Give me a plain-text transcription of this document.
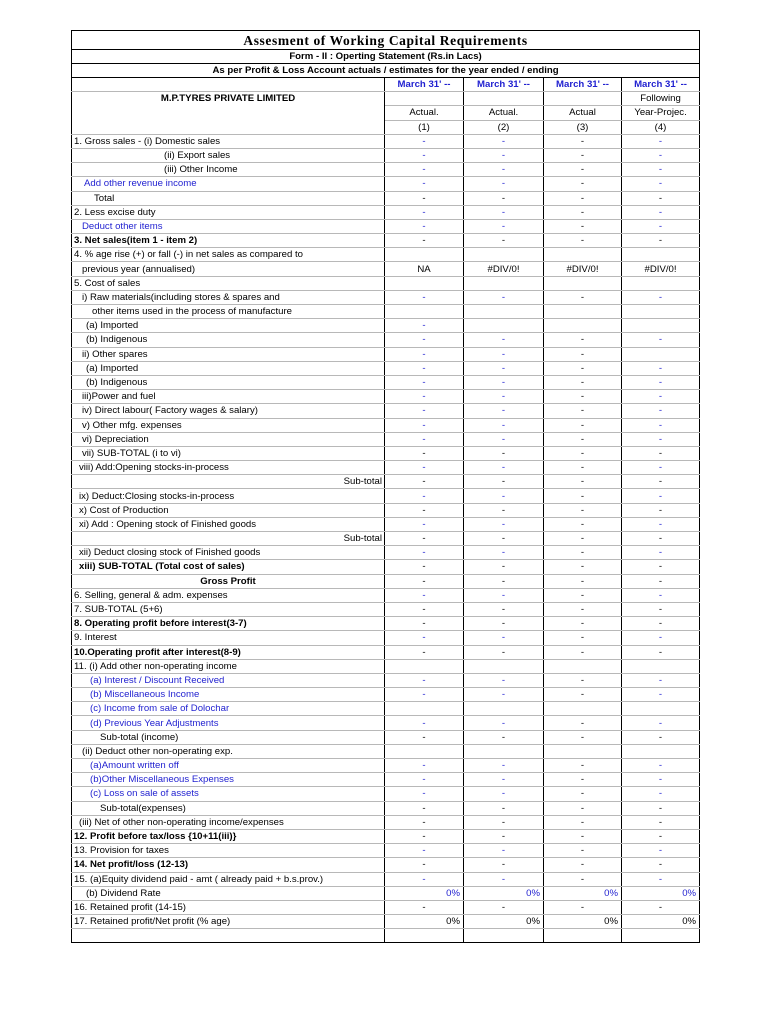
Assesment of Working Capital Requirements				
Form - II : Operting Statement (Rs.in Lacs)				
As per Profit & Loss Account actuals / estimates for the year ended / ending				
	March 31' --	March 31' --	March 31' --	March 31' --
M.P.TYRES PRIVATE LIMITED				Following
	Actual.	Actual.	Actual	Year-Projec.
	(1)	(2)	(3)	(4)
1. Gross sales - (i) Domestic sales	-	-	-	-
(ii) Export sales	-	-	-	-
(iii) Other Income	-	-	-	-
Add other revenue income	-	-	-	-
Total	-	-	-	-
2. Less excise duty	-	-	-	-
Deduct other items	-	-	-	-
3. Net sales(item 1 - item 2)	-	-	-	-
4. % age rise (+) or fall (-) in net sales as compared to				
previous year (annualised)	NA	#DIV/0!	#DIV/0!	#DIV/0!
5. Cost of sales				
i) Raw materials(including stores & spares and	-	-	-	-
other items used in the process of manufacture				
(a) Imported	-			
(b) Indigenous	-	-	-	-
ii) Other spares	-	-	-	
(a) Imported	-	-	-	-
(b) Indigenous	-	-	-	-
iii)Power and fuel	-	-	-	-
iv) Direct labour( Factory wages & salary)	-	-	-	-
v) Other mfg. expenses	-	-	-	-
vi) Depreciation	-	-	-	-
vii) SUB-TOTAL (i to vi)	-	-	-	-
viii) Add:Opening stocks-in-process	-	-	-	-
Sub-total	-	-	-	-
ix) Deduct:Closing stocks-in-process	-	-	-	-
x) Cost of Production	-	-	-	-
xi) Add : Opening stock of Finished goods	-	-	-	-
Sub-total	-	-	-	-
xii) Deduct closing stock of Finished goods	-	-	-	-
xiii) SUB-TOTAL (Total cost of sales)	-	-	-	-
Gross Profit	-	-	-	-
6. Selling, general & adm. expenses	-	-	-	-
7. SUB-TOTAL (5+6)	-	-	-	-
8. Operating profit before interest(3-7)	-	-	-	-
9. Interest	-	-	-	-
10.Operating profit after interest(8-9)	-	-	-	-
11. (i) Add other non-operating income				
(a) Interest / Discount Received	-	-	-	-
(b) Miscellaneous Income	-	-	-	-
(c) Income from sale of Dolochar				
(d) Previous Year Adjustments	-	-	-	-
Sub-total (income)	-	-	-	-
(ii) Deduct other non-operating exp.				
(a)Amount written off	-	-	-	-
(b)Other Miscellaneous Expenses	-	-	-	-
(c) Loss on sale of assets	-	-	-	-
Sub-total(expenses)	-	-	-	-
(iii) Net of other non-operating income/expenses	-	-	-	-
12. Profit before tax/loss {10+11(iii)}	-	-	-	-
13. Provision for taxes	-	-	-	-
14. Net profit/loss (12-13)	-	-	-	-
15. (a)Equity dividend paid - amt ( already paid + b.s.prov.)	-	-	-	-
(b) Dividend Rate	0%	0%	0%	0%
16. Retained profit (14-15)	-	-	-	-
17. Retained profit/Net profit (% age)	0%	0%	0%	0%
